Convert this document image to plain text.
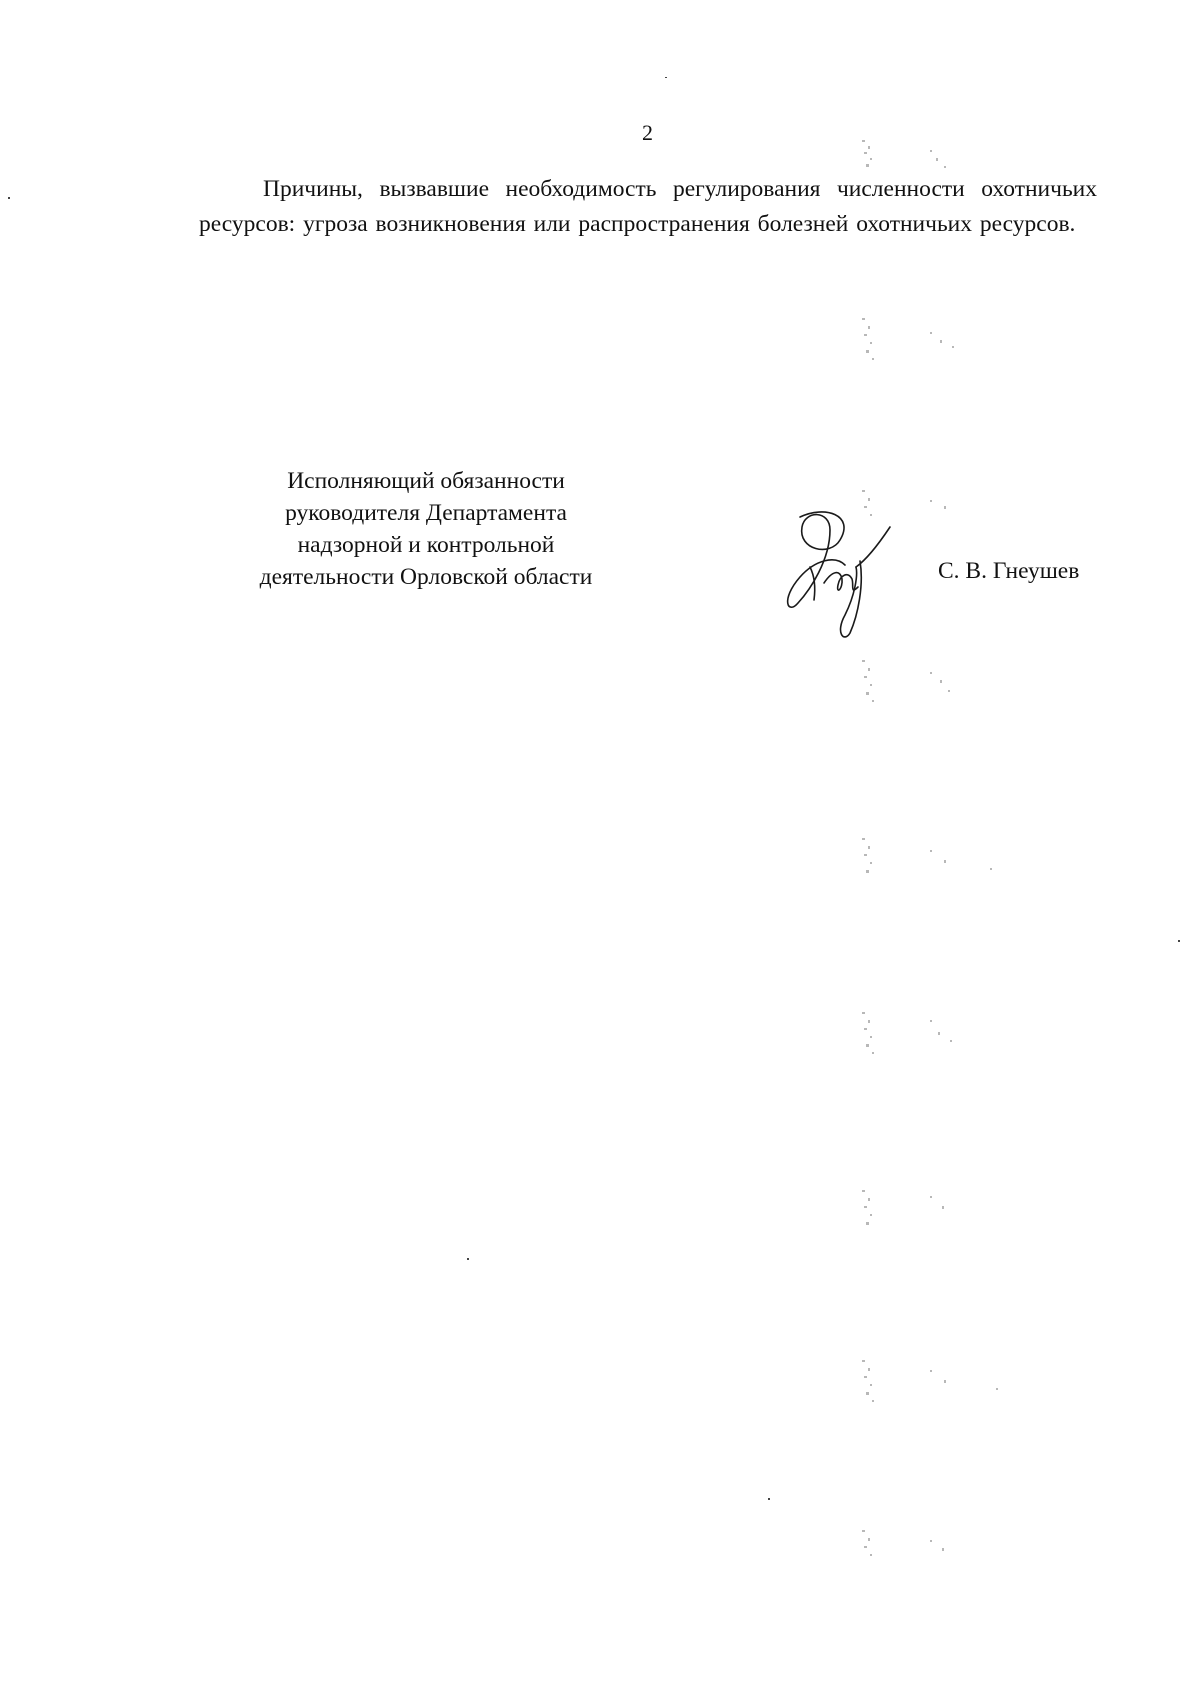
2

Причины, вызвавшие необходимость регулирования численности охотничьих ресурсов: угроза возникновения или распространения болезней охотничьих ресурсов.

Исполняющий обязанности
руководителя Департамента
надзорной и контрольной
деятельности Орловской области	С. В. Гнеушев
